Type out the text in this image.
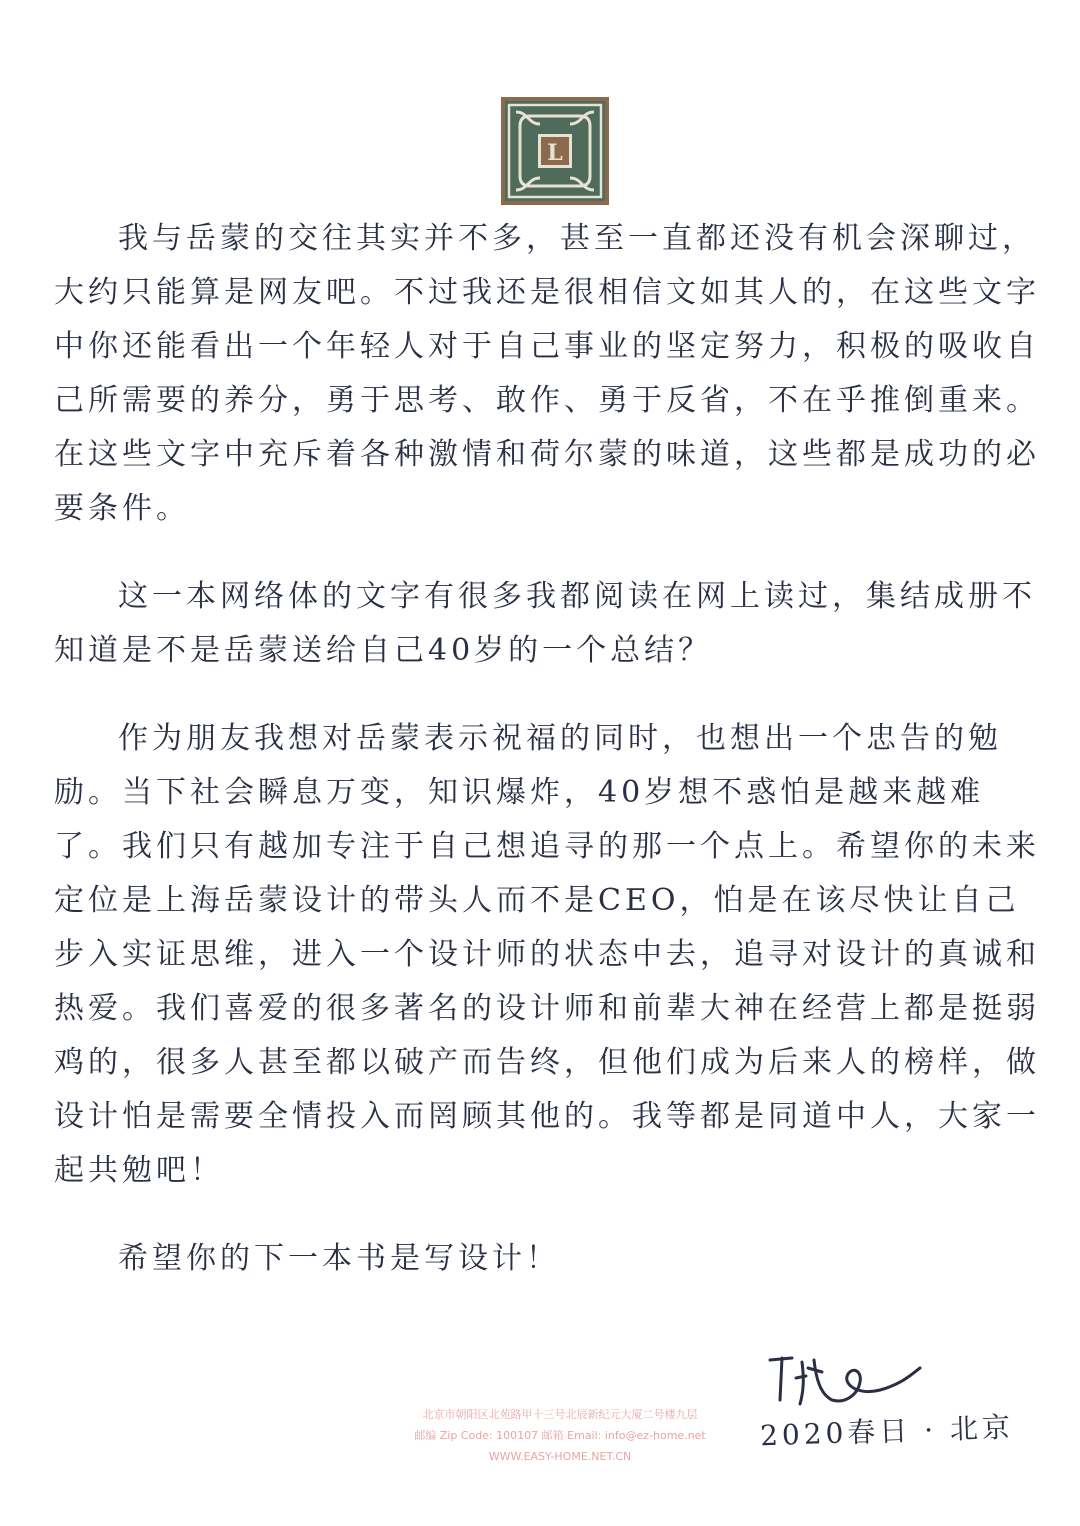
L

我与岳蒙的交往其实并不多，甚至一直都还没有机会深聊过，大约只能算是网友吧。不过我还是很相信文如其人的，在这些文字中你还能看出一个年轻人对于自己事业的坚定努力，积极的吸收自己所需要的养分，勇于思考、敢作、勇于反省，不在乎推倒重来。在这些文字中充斥着各种激情和荷尔蒙的味道，这些都是成功的必要条件。

这一本网络体的文字有很多我都阅读在网上读过，集结成册不知道是不是岳蒙送给自己40岁的一个总结？

作为朋友我想对岳蒙表示祝福的同时，也想出一个忠告的勉励。当下社会瞬息万变，知识爆炸，40岁想不惑怕是越来越难了。我们只有越加专注于自己想追寻的那一个点上。希望你的未来定位是上海岳蒙设计的带头人而不是CEO，怕是在该尽快让自己步入实证思维，进入一个设计师的状态中去，追寻对设计的真诚和热爱。我们喜爱的很多著名的设计师和前辈大神在经营上都是挺弱鸡的，很多人甚至都以破产而告终，但他们成为后来人的榜样，做设计怕是需要全情投入而罔顾其他的。我等都是同道中人，大家一起共勉吧！

希望你的下一本书是写设计！

2020春日 · 北京
北京市朝阳区北苑路甲十三号北辰新纪元大厦二号楼九层
邮编 Zip Code: 100107 邮箱 Email: info@ez-home.net
WWW.EASY-HOME.NET.CN
